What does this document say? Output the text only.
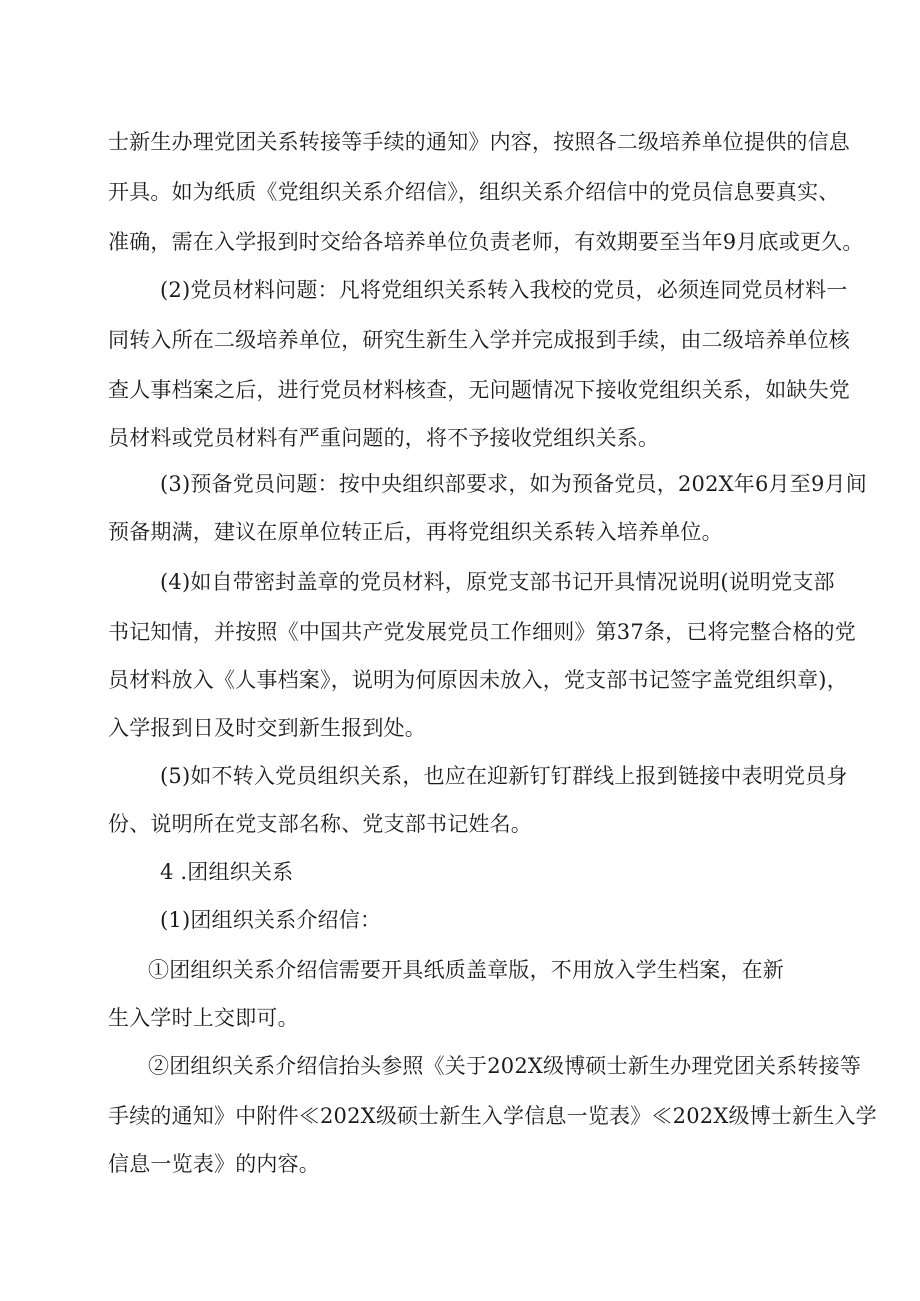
士新生办理党团关系转接等手续的通知》内容，按照各二级培养单位提供的信息
开具。如为纸质《党组织关系介绍信》，组织关系介绍信中的党员信息要真实、
准确，需在入学报到时交给各培养单位负责老师，有效期要至当年9月底或更久。
(2)党员材料问题：凡将党组织关系转入我校的党员，必须连同党员材料一
同转入所在二级培养单位，研究生新生入学并完成报到手续，由二级培养单位核
查人事档案之后，进行党员材料核查，无问题情况下接收党组织关系，如缺失党
员材料或党员材料有严重问题的，将不予接收党组织关系。
(3)预备党员问题：按中央组织部要求，如为预备党员，202X年6月至9月间
预备期满，建议在原单位转正后，再将党组织关系转入培养单位。
(4)如自带密封盖章的党员材料，原党支部书记开具情况说明(说明党支部
书记知情，并按照《中国共产党发展党员工作细则》第37条，已将完整合格的党
员材料放入《人事档案》，说明为何原因未放入，党支部书记签字盖党组织章)，
入学报到日及时交到新生报到处。
(5)如不转入党员组织关系，也应在迎新钉钉群线上报到链接中表明党员身
份、说明所在党支部名称、党支部书记姓名。
4 .团组织关系
(1)团组织关系介绍信：
①团组织关系介绍信需要开具纸质盖章版，不用放入学生档案，在新
生入学时上交即可。
②团组织关系介绍信抬头参照《关于202X级博硕士新生办理党团关系转接等
手续的通知》中附件≪202X级硕士新生入学信息一览表》≪202X级博士新生入学
信息一览表》的内容。
